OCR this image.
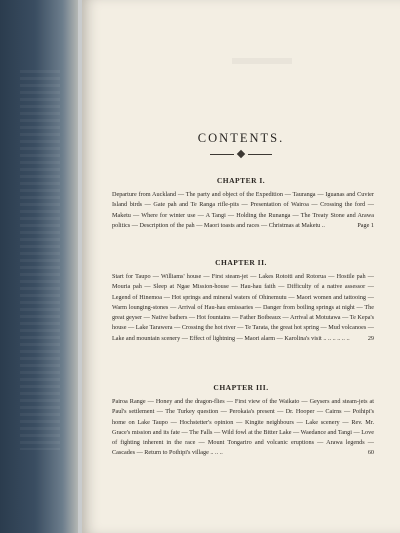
CONTENTS.
CHAPTER I.
Departure from Auckland — The party and object of the Expedition — Tauranga — Iguanas and Cuvier Island birds — Gate pah and Te Ranga rifle-pits — Presentation of Wairoa — Crossing the ford — Maketu — Where for winter use — A Tangi — Holding the Runanga — The Treaty Stone and Arawa politics — Description of the pah — Maori toasts and races — Christmas at Maketu ..	Page 1
CHAPTER II.
Start for Taupo — Williams' house — First steam-jet — Lakes Rotoiti and Rotorua — Hostile pah — Mouria pah — Sleep at Ngae Mission-house — Hau-hau faith — Difficulty of a native assessor — Legend of Hinemoa — Hot springs and mineral waters of Ohinemutu — Maori women and tattooing — Warm lounging-stones — Arrival of Hau-hau emissaries — Danger from boiling springs at night — The great geyser — Native bathers — Hot fountains — Father Boibeaux — Arrival at Motutawa — Te Kepa's house — Lake Tarawera — Crossing the hot river — Te Tarata, the great hot spring — Mud volcanoes — Lake and mountain scenery — Effect of lightning — Maori alarm — Karolina's visit .. .. .. .. .. ..	29
CHAPTER III.
Pairoa Range — Honey and the dragon-flies — First view of the Waikato — Geysers and steam-jets at Paul's settlement — The Turkey question — Perokaia's present — Dr. Hooper — Cairns — Poihipi's home on Lake Taupo — Hochstetter's opinion — Kingite neighbours — Lake scenery — Rev. Mr. Grace's mission and its fate — The Falls — Wild fowl at the Bitter Lake — Waedance and Tangi — Love of fighting inherent in the race — Mount Tongariro and volcanic eruptions — Arawa legends — Cascades — Return to Poihipi's village .. .. ..	60
